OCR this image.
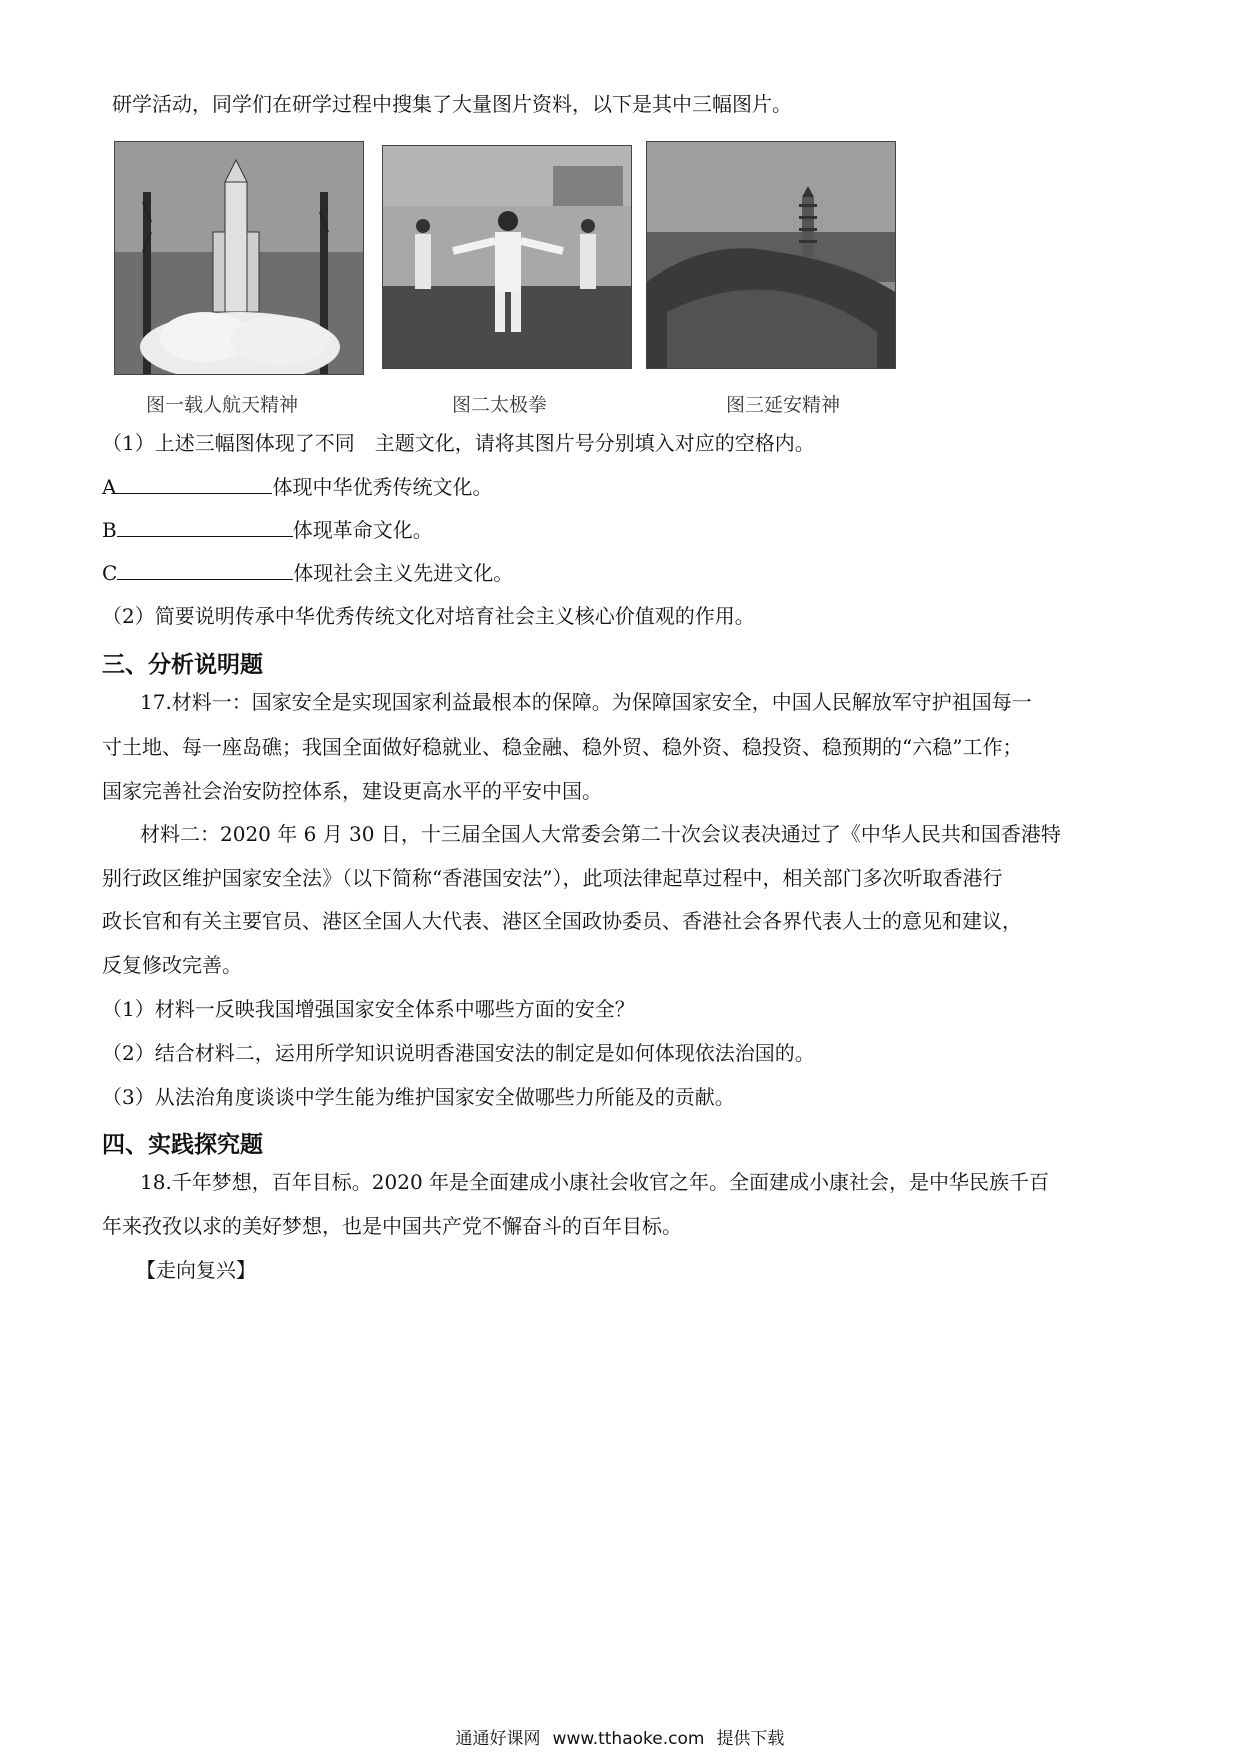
研学活动，同学们在研学过程中搜集了大量图片资料，以下是其中三幅图片。
图一载人航天精神	图二太极拳	图三延安精神
（1）上述三幅图体现了不同　主题文化，请将其图片号分别填入对应的空格内。
A	体现中华优秀传统文化。
B	体现革命文化。
C	体现社会主义先进文化。
（2）简要说明传承中华优秀传统文化对培育社会主义核心价值观的作用。
三、分析说明题
17.材料一：国家安全是实现国家利益最根本的保障。为保障国家安全，中国人民解放军守护祖国每一
寸土地、每一座岛礁；我国全面做好稳就业、稳金融、稳外贸、稳外资、稳投资、稳预期的“六稳”工作；
国家完善社会治安防控体系，建设更高水平的平安中国。
材料二：2020 年 6 月 30 日，十三届全国人大常委会第二十次会议表决通过了《中华人民共和国香港特
别行政区维护国家安全法》（以下简称“香港国安法”），此项法律起草过程中，相关部门多次听取香港行
政长官和有关主要官员、港区全国人大代表、港区全国政协委员、香港社会各界代表人士的意见和建议，
反复修改完善。
（1）材料一反映我国增强国家安全体系中哪些方面的安全？
（2）结合材料二，运用所学知识说明香港国安法的制定是如何体现依法治国的。
（3）从法治角度谈谈中学生能为维护国家安全做哪些力所能及的贡献。
四、实践探究题
18.千年梦想，百年目标。2020 年是全面建成小康社会收官之年。全面建成小康社会，是中华民族千百
年来孜孜以求的美好梦想，也是中国共产党不懈奋斗的百年目标。
【走向复兴】
通通好课网 www.tthaoke.com 提供下载
